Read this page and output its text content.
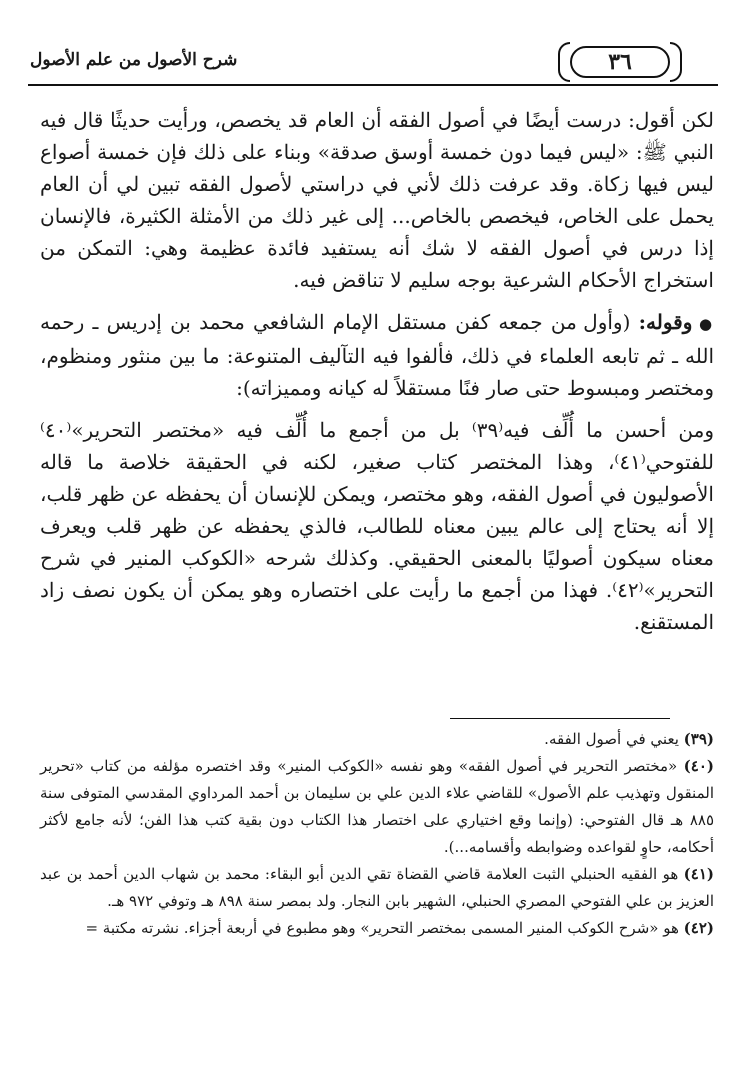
٣٦
شرح الأصول من علم الأصول

لكن أقول: درست أيضًا في أصول الفقه أن العام قد يخصص، ورأيت حديثًا قال فيه النبي ﷺ: «ليس فيما دون خمسة أوسق صدقة» وبناء على ذلك فإن خمسة أصواع ليس فيها زكاة. وقد عرفت ذلك لأني في دراستي لأصول الفقه تبين لي أن العام يحمل على الخاص، فيخصص بالخاص... إلى غير ذلك من الأمثلة الكثيرة، فالإنسان إذا درس في أصول الفقه لا شك أنه يستفيد فائدة عظيمة وهي: التمكن من استخراج الأحكام الشرعية بوجه سليم لا تناقض فيه.

● وقوله: (وأول من جمعه كفن مستقل الإمام الشافعي محمد بن إدريس ـ رحمه الله ـ ثم تابعه العلماء في ذلك، فألفوا فيه التآليف المتنوعة: ما بين منثور ومنظوم، ومختصر ومبسوط حتى صار فنًا مستقلاً له كيانه ومميزاته):

ومن أحسن ما أُلِّف فيه⁽٣٩⁾ بل من أجمع ما أُلِّف فيه «مختصر التحرير»⁽٤٠⁾ للفتوحي⁽٤١⁾، وهذا المختصر كتاب صغير، لكنه في الحقيقة خلاصة ما قاله الأصوليون في أصول الفقه، وهو مختصر، ويمكن للإنسان أن يحفظه عن ظهر قلب، إلا أنه يحتاج إلى عالم يبين معناه للطالب، فالذي يحفظه عن ظهر قلب ويعرف معناه سيكون أصوليًا بالمعنى الحقيقي. وكذلك شرحه «الكوكب المنير في شرح التحرير»⁽٤٢⁾. فهذا من أجمع ما رأيت على اختصاره وهو يمكن أن يكون نصف زاد المستقنع.

(٣٩) يعني في أصول الفقه.

(٤٠) «مختصر التحرير في أصول الفقه» وهو نفسه «الكوكب المنير» وقد اختصره مؤلفه من كتاب «تحرير المنقول وتهذيب علم الأصول» للقاضي علاء الدين علي بن سليمان بن أحمد المرداوي المقدسي المتوفى سنة ٨٨٥ هـ قال الفتوحي: (وإنما وقع اختياري على اختصار هذا الكتاب دون بقية كتب هذا الفن؛ لأنه جامع لأكثر أحكامه، حاوٍ لقواعده وضوابطه وأقسامه...).

(٤١) هو الفقيه الحنبلي الثبت العلامة قاضي القضاة تقي الدين أبو البقاء: محمد بن شهاب الدين أحمد بن عبد العزيز بن علي الفتوحي المصري الحنبلي، الشهير بابن النجار. ولد بمصر سنة ٨٩٨ هـ وتوفي ٩٧٢ هـ.

(٤٢) هو «شرح الكوكب المنير المسمى بمختصر التحرير» وهو مطبوع في أربعة أجزاء. نشرته مكتبة =
